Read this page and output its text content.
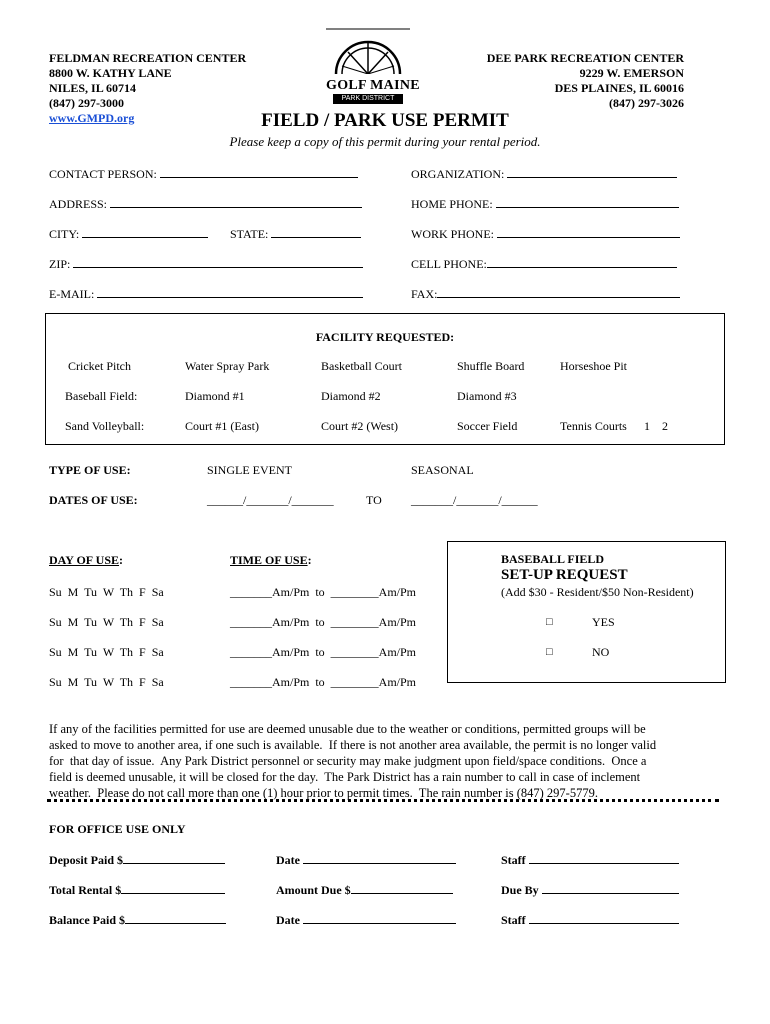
FELDMAN RECREATION CENTER
8800 W. KATHY LANE
NILES, IL 60714
(847) 297-3000
www.GMPD.org
DEE PARK RECREATION CENTER
9229 W. EMERSON
DES PLAINES, IL 60016
(847) 297-3026
GOLF MAINE
PARK DISTRICT
FIELD / PARK USE PERMIT
Please keep a copy of this permit during your rental period.
CONTACT PERSON:	ORGANIZATION:
ADDRESS:	HOME PHONE:
CITY:	STATE:	WORK PHONE:
ZIP:	CELL PHONE:
E-MAIL:	FAX:
FACILITY REQUESTED:
Cricket Pitch	Water Spray Park	Basketball Court	Shuffle Board	Horseshoe Pit
Baseball Field:	Diamond #1	Diamond #2	Diamond #3
Sand Volleyball:	Court #1 (East)	Court #2 (West)	Soccer Field	Tennis Courts 1 2
TYPE OF USE:	SINGLE EVENT	SEASONAL
DATES OF USE:	______/_______/_______	TO _______/_______/______
DAY OF USE:	TIME OF USE:
Su  M  Tu  W  Th  F  Sa	_______Am/Pm  to  ________Am/Pm
Su  M  Tu  W  Th  F  Sa	_______Am/Pm  to  ________Am/Pm
Su  M  Tu  W  Th  F  Sa	_______Am/Pm  to  ________Am/Pm
Su  M  Tu  W  Th  F  Sa	_______Am/Pm  to  ________Am/Pm
BASEBALL FIELD
SET-UP REQUEST
(Add $30 - Resident/$50 Non-Resident)
□	YES
□	NO

If any of the facilities permitted for use are deemed unusable due to the weather or conditions, permitted groups will be
asked to move to another area, if one such is available.  If there is not another area available, the permit is no longer valid
for  that day of issue.  Any Park District personnel or security may make judgment upon field/space conditions.  Once a
field is deemed unusable, it will be closed for the day.  The Park District has a rain number to call in case of inclement
weather.  Please do not call more than one (1) hour prior to permit times.  The rain number is (847) 297-5779.

FOR OFFICE USE ONLY
Deposit Paid $	Date	Staff
Total Rental $	Amount Due $	Due By
Balance Paid $	Date	Staff
